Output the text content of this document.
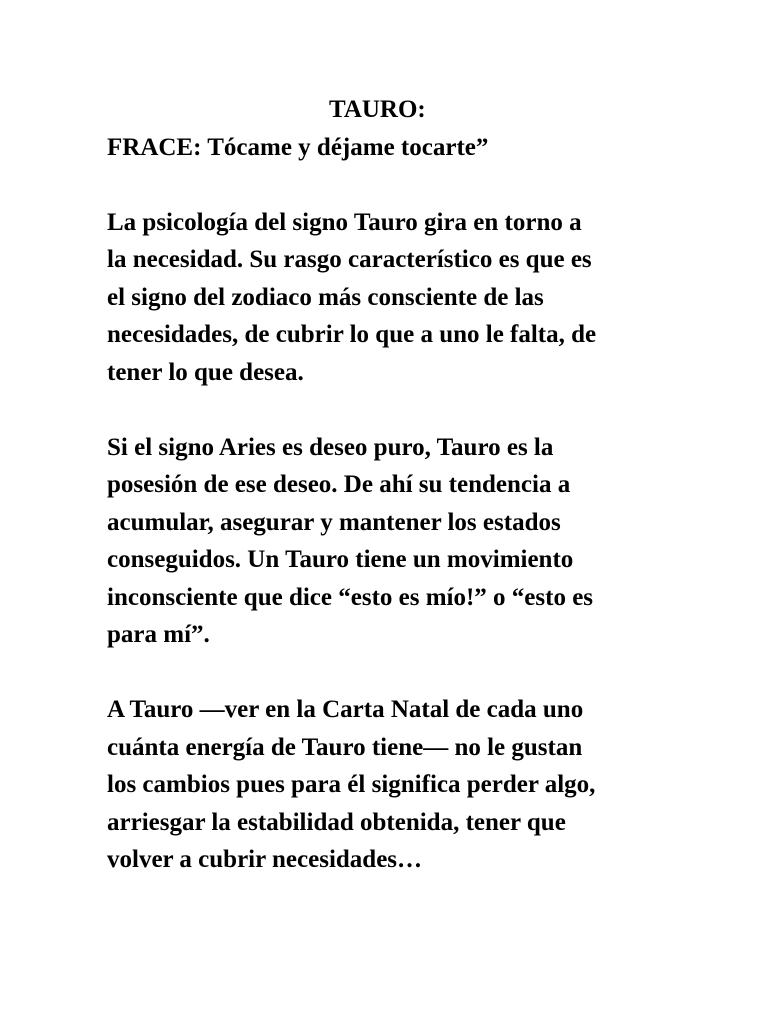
TAURO:

FRACE: Tócame y déjame tocarte”

La psicología del signo Tauro gira en torno a
la necesidad. Su rasgo característico es que es
el signo del zodiaco más consciente de las
necesidades, de cubrir lo que a uno le falta, de
tener lo que desea.

Si el signo Aries es deseo puro, Tauro es la
posesión de ese deseo. De ahí su tendencia a
acumular, asegurar y mantener los estados
conseguidos. Un Tauro tiene un movimiento
inconsciente que dice “esto es mío!” o “esto es
para mí”.

A Tauro —ver en la Carta Natal de cada uno
cuánta energía de Tauro tiene— no le gustan
los cambios pues para él significa perder algo,
arriesgar la estabilidad obtenida, tener que
volver a cubrir necesidades…
